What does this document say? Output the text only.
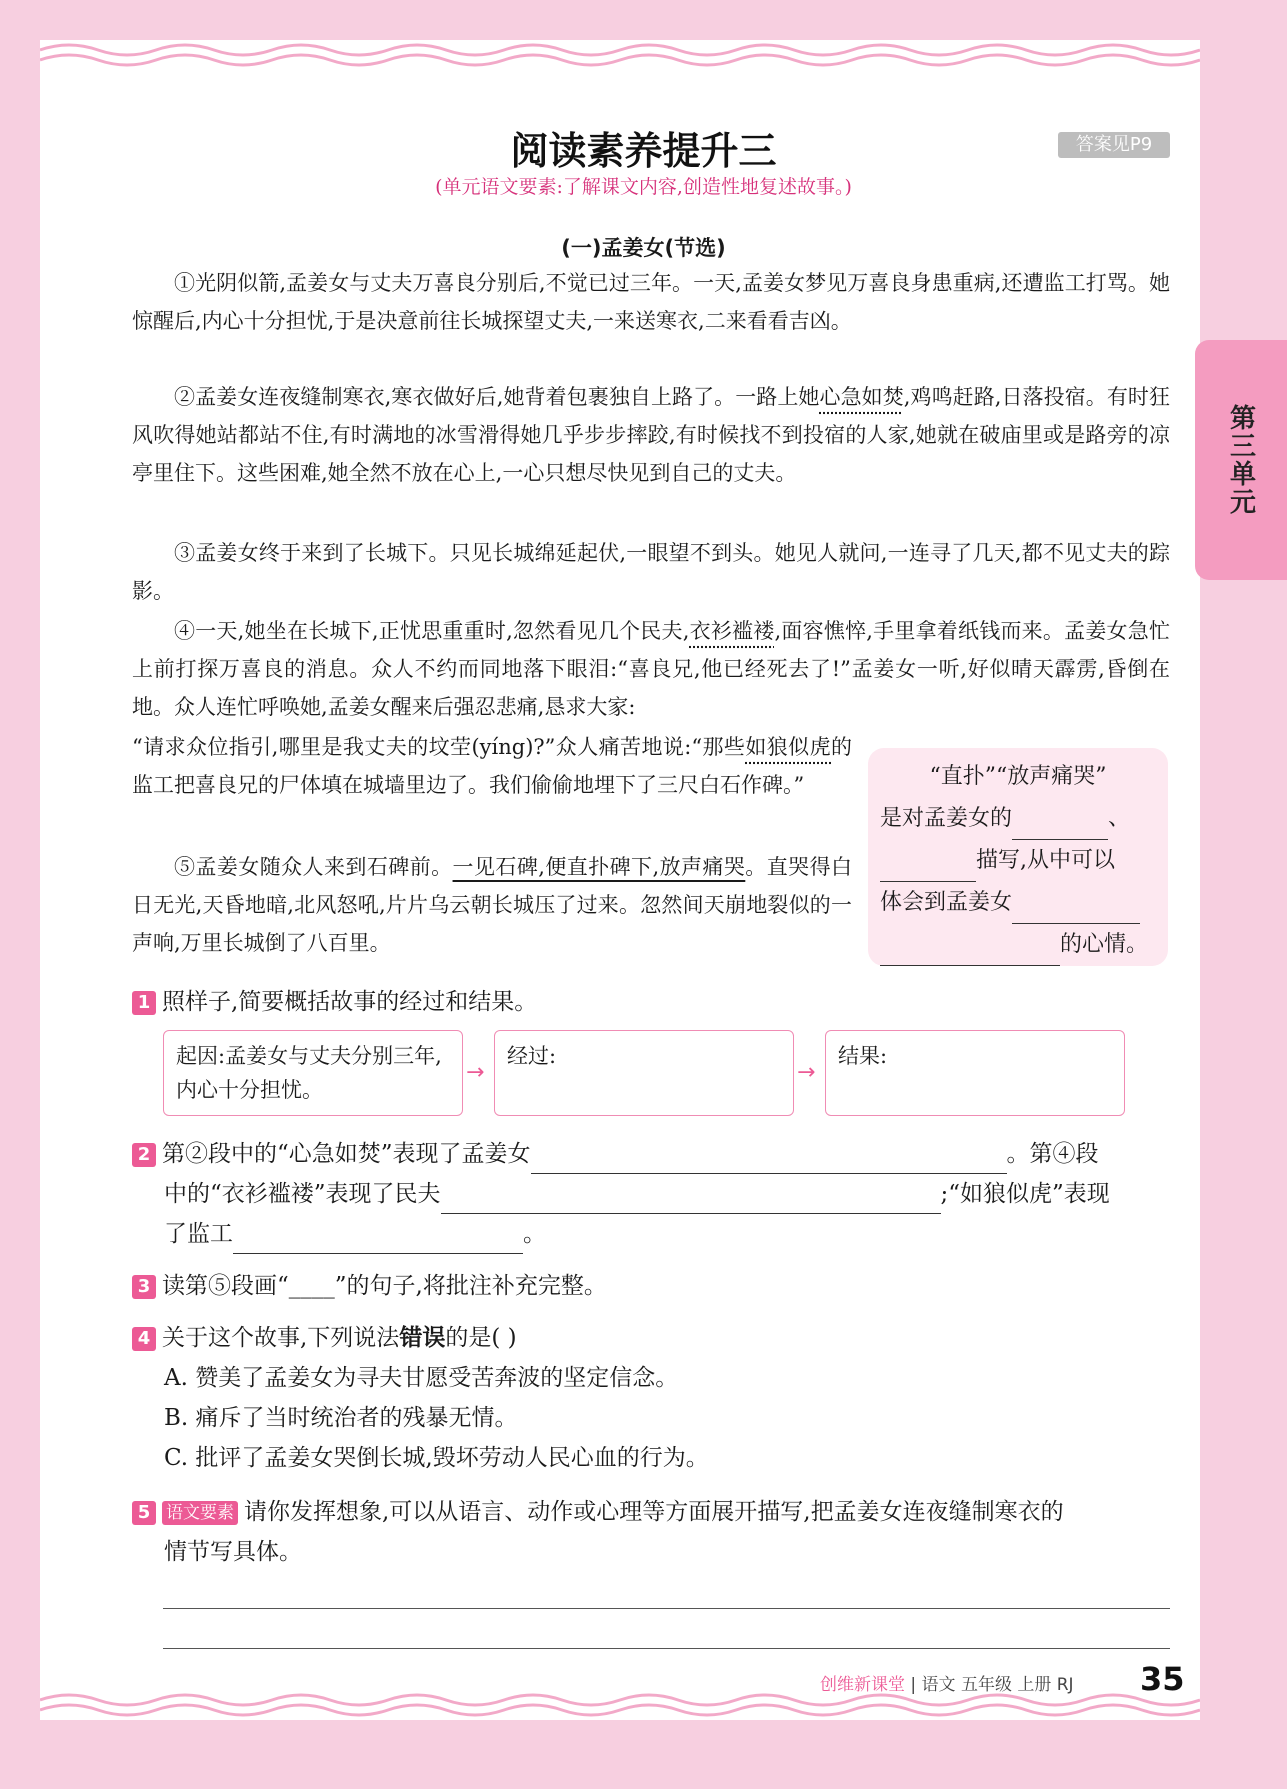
第三单元
阅读素养提升三	答案见P9
(单元语文要素:了解课文内容,创造性地复述故事。)
(一)孟姜女(节选)
①光阴似箭,孟姜女与丈夫万喜良分别后,不觉已过三年。一天,孟姜女梦见万喜良身患重病,还遭监工打骂。她惊醒后,内心十分担忧,于是决意前往长城探望丈夫,一来送寒衣,二来看看吉凶。
②孟姜女连夜缝制寒衣,寒衣做好后,她背着包裹独自上路了。一路上她心急如焚,鸡鸣赶路,日落投宿。有时狂风吹得她站都站不住,有时满地的冰雪滑得她几乎步步摔跤,有时候找不到投宿的人家,她就在破庙里或是路旁的凉亭里住下。这些困难,她全然不放在心上,一心只想尽快见到自己的丈夫。
③孟姜女终于来到了长城下。只见长城绵延起伏,一眼望不到头。她见人就问,一连寻了几天,都不见丈夫的踪影。
④一天,她坐在长城下,正忧思重重时,忽然看见几个民夫,衣衫褴褛,面容憔悴,手里拿着纸钱而来。孟姜女急忙上前打探万喜良的消息。众人不约而同地落下眼泪:“喜良兄,他已经死去了!”孟姜女一听,好似晴天霹雳,昏倒在地。众人连忙呼唤她,孟姜女醒来后强忍悲痛,恳求大家:
“请求众位指引,哪里是我丈夫的坟茔(yíng)?”众人痛苦地说:“那些如狼似虎的监工把喜良兄的尸体填在城墙里边了。我们偷偷地埋下了三尺白石作碑。”
⑤孟姜女随众人来到石碑前。一见石碑,便直扑碑下,放声痛哭。直哭得白日无光,天昏地暗,北风怒吼,片片乌云朝长城压了过来。忽然间天崩地裂似的一声响,万里长城倒了八百里。
“直扑”“放声痛哭”
是对孟姜女的	、
描写,从中可以
体会到孟姜女
的心情。
1 照样子,简要概括故事的经过和结果。
起因:孟姜女与丈夫分别三年,内心十分担忧。
→
经过:
→
结果:
2 第②段中的“心急如焚”表现了孟姜女	。第④段
中的“衣衫褴褛”表现了民夫	;“如狼似虎”表现
了监工	。
3 读第⑤段画“____”的句子,将批注补充完整。
4 关于这个故事,下列说法错误的是( )
A. 赞美了孟姜女为寻夫甘愿受苦奔波的坚定信念。
B. 痛斥了当时统治者的残暴无情。
C. 批评了孟姜女哭倒长城,毁坏劳动人民心血的行为。
5 语文要素 请你发挥想象,可以从语言、动作或心理等方面展开描写,把孟姜女连夜缝制寒衣的
情节写具体。
创维新课堂 | 语文 五年级 上册 RJ 35
